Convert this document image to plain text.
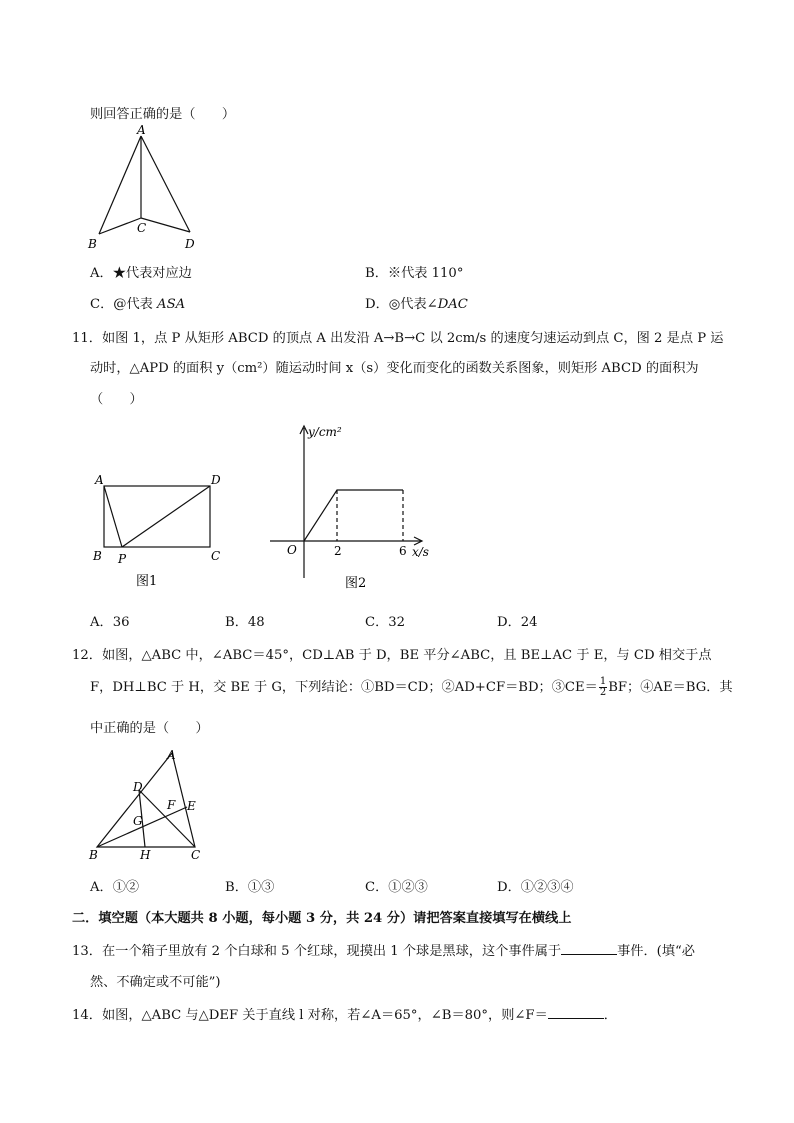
则回答正确的是（　　）
A
B
C
D
A．★代表对应边	B．※代表 110°
C．@代表 ASA	D．◎代表∠DAC
11．如图 1，点 P 从矩形 ABCD 的顶点 A 出发沿 A→B→C 以 2cm/s 的速度匀速运动到点 C，图 2 是点 P 运
动时，△APD 的面积 y（cm²）随运动时间 x（s）变化而变化的函数关系图象，则矩形 ABCD 的面积为
（　　）
A	D
B P	C
图1
y/cm²
x/s
O	2	6
图2
A．36	B．48	C．32	D．24
12．如图，△ABC 中，∠ABC＝45°，CD⊥AB 于 D，BE 平分∠ABC，且 BE⊥AC 于 E，与 CD 相交于点
F，DH⊥BC 于 H，交 BE 于 G，下列结论：①BD＝CD；②AD+CF＝BD；③CE＝ $\frac{1}{2}$ BF；④AE＝BG．其
中正确的是（　　）
A
D
F E
G
B	H	C
A．①②	B．①③	C．①②③	D．①②③④
二．填空题（本大题共 8 小题，每小题 3 分，共 24 分）请把答案直接填写在横线上
13．在一个箱子里放有 2 个白球和 5 个红球，现摸出 1 个球是黑球，这个事件属于	事件．(填“必
然、不确定或不可能”)
14．如图，△ABC 与△DEF 关于直线 l 对称，若∠A＝65°，∠B＝80°，则∠F＝	．
